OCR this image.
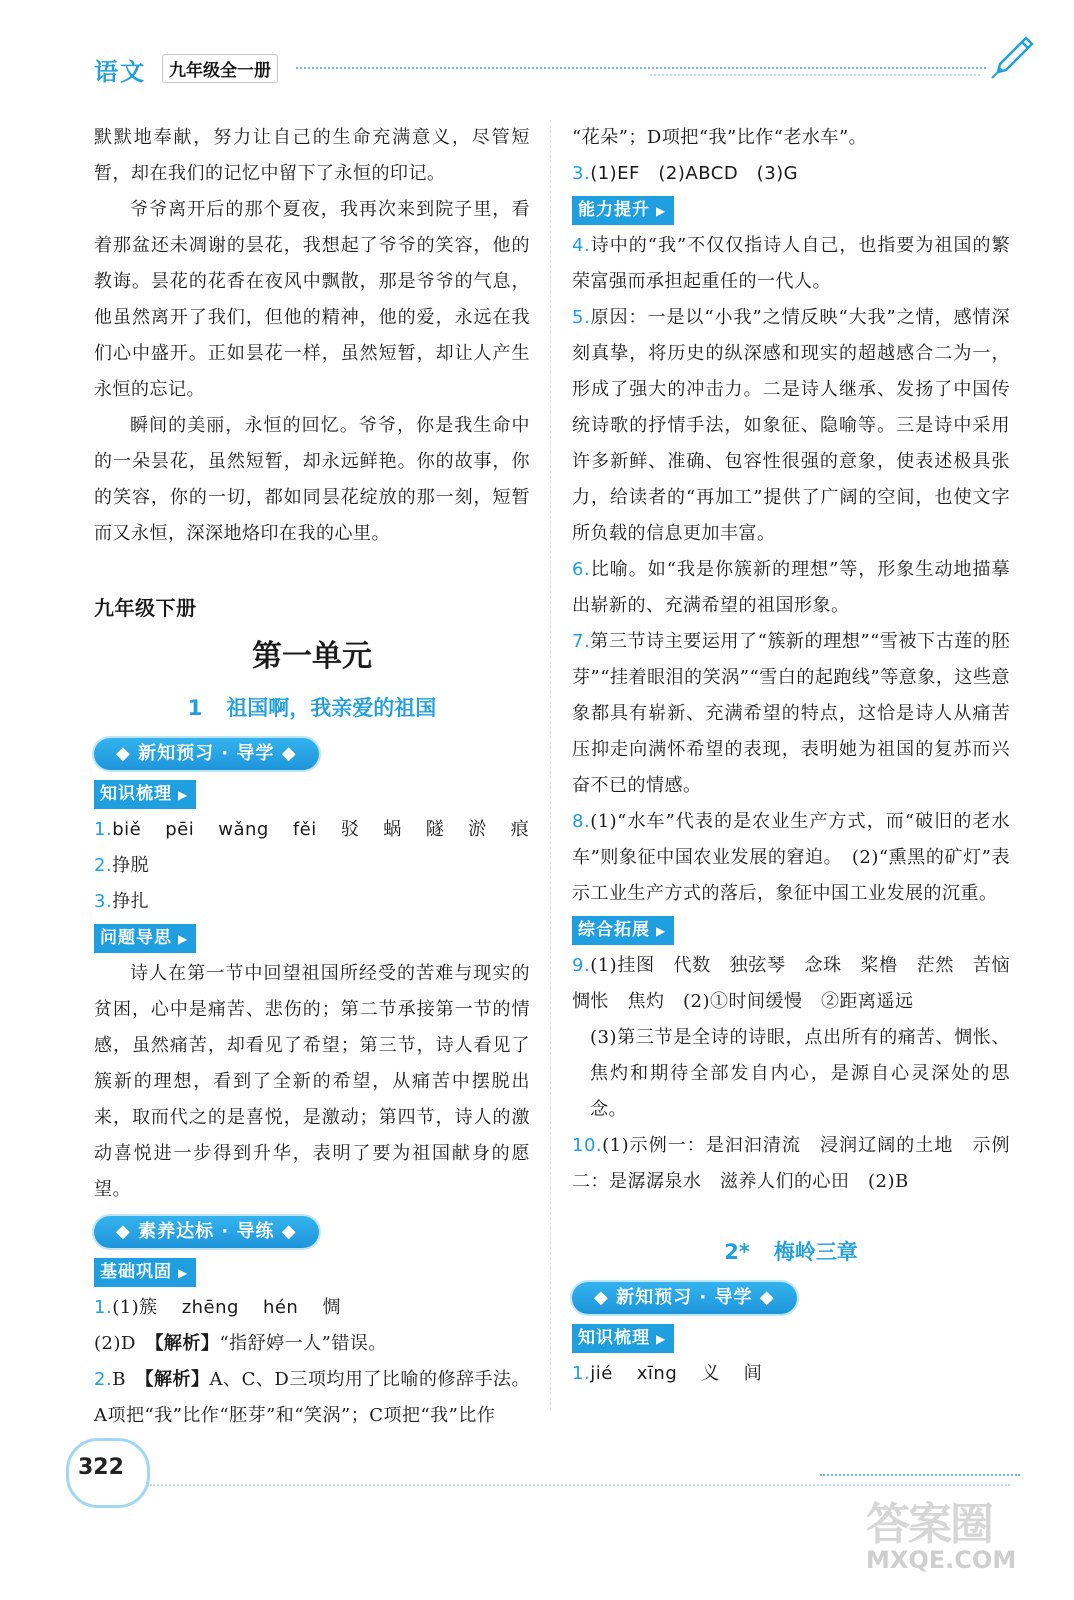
语文	九年级全一册

默默地奉献，努力让自己的生命充满意义，尽管短暂，却在我们的记忆中留下了永恒的印记。

爷爷离开后的那个夏夜，我再次来到院子里，看着那盆还未凋谢的昙花，我想起了爷爷的笑容，他的教诲。昙花的花香在夜风中飘散，那是爷爷的气息，他虽然离开了我们，但他的精神，他的爱，永远在我们心中盛开。正如昙花一样，虽然短暂，却让人产生永恒的忘记。

瞬间的美丽，永恒的回忆。爷爷，你是我生命中的一朵昙花，虽然短暂，却永远鲜艳。你的故事，你的笑容，你的一切，都如同昙花绽放的那一刻，短暂而又永恒，深深地烙印在我的心里。

九年级下册

第一单元
1 祖国啊，我亲爱的祖国
◆ 新知预习 · 导学 ◆
知识梳理 ▶

1.biě pēi wǎng fěi 驳 蜗 隧 淤 痕

2.挣脱

3.挣扎

问题导思 ▶

诗人在第一节中回望祖国所经受的苦难与现实的贫困，心中是痛苦、悲伤的；第二节承接第一节的情感，虽然痛苦，却看见了希望；第三节，诗人看见了簇新的理想，看到了全新的希望，从痛苦中摆脱出来，取而代之的是喜悦，是激动；第四节，诗人的激动喜悦进一步得到升华，表明了要为祖国献身的愿望。

◆ 素养达标 · 导练 ◆
基础巩固 ▶

1.(1)簇 zhēng hén 惆

(2)D　 【解析】“指舒婷一人”错误。

2.B　 【解析】A、C、D三项均用了比喻的修辞手法。A项把“我”比作“胚芽”和“笑涡”；C项把“我”比作

“花朵”；D项把“我”比作“老水车”。

3.(1)EF　(2)ABCD　(3)G

能力提升 ▶

4.诗中的“我”不仅仅指诗人自己，也指要为祖国的繁荣富强而承担起重任的一代人。

5.原因：一是以“小我”之情反映“大我”之情，感情深刻真挚，将历史的纵深感和现实的超越感合二为一，形成了强大的冲击力。二是诗人继承、发扬了中国传统诗歌的抒情手法，如象征、隐喻等。三是诗中采用许多新鲜、准确、包容性很强的意象，使表述极具张力，给读者的“再加工”提供了广阔的空间，也使文字所负载的信息更加丰富。

6.比喻。如“我是你簇新的理想”等，形象生动地描摹出崭新的、充满希望的祖国形象。

7.第三节诗主要运用了“簇新的理想”“雪被下古莲的胚芽”“挂着眼泪的笑涡”“雪白的起跑线”等意象，这些意象都具有崭新、充满希望的特点，这恰是诗人从痛苦压抑走向满怀希望的表现，表明她为祖国的复苏而兴奋不已的情感。

8.(1)“水车”代表的是农业生产方式，而“破旧的老水车”则象征中国农业发展的窘迫。　(2)“熏黑的矿灯”表示工业生产方式的落后，象征中国工业发展的沉重。

综合拓展 ▶

9.(1)挂图　代数　独弦琴　念珠　桨橹　茫然　苦恼　惆怅　焦灼　(2)①时间缓慢　②距离遥远

(3)第三节是全诗的诗眼，点出所有的痛苦、惆怅、焦灼和期待全部发自内心，是源自心灵深处的思念。

10.(1)示例一：是汩汩清流　浸润辽阔的土地　示例二：是潺潺泉水　滋养人们的心田　(2)B

2* 梅岭三章
◆ 新知预习 · 导学 ◆
知识梳理 ▶

1.jié xīng 义 闾

322
答案圈
MXQE.COM
